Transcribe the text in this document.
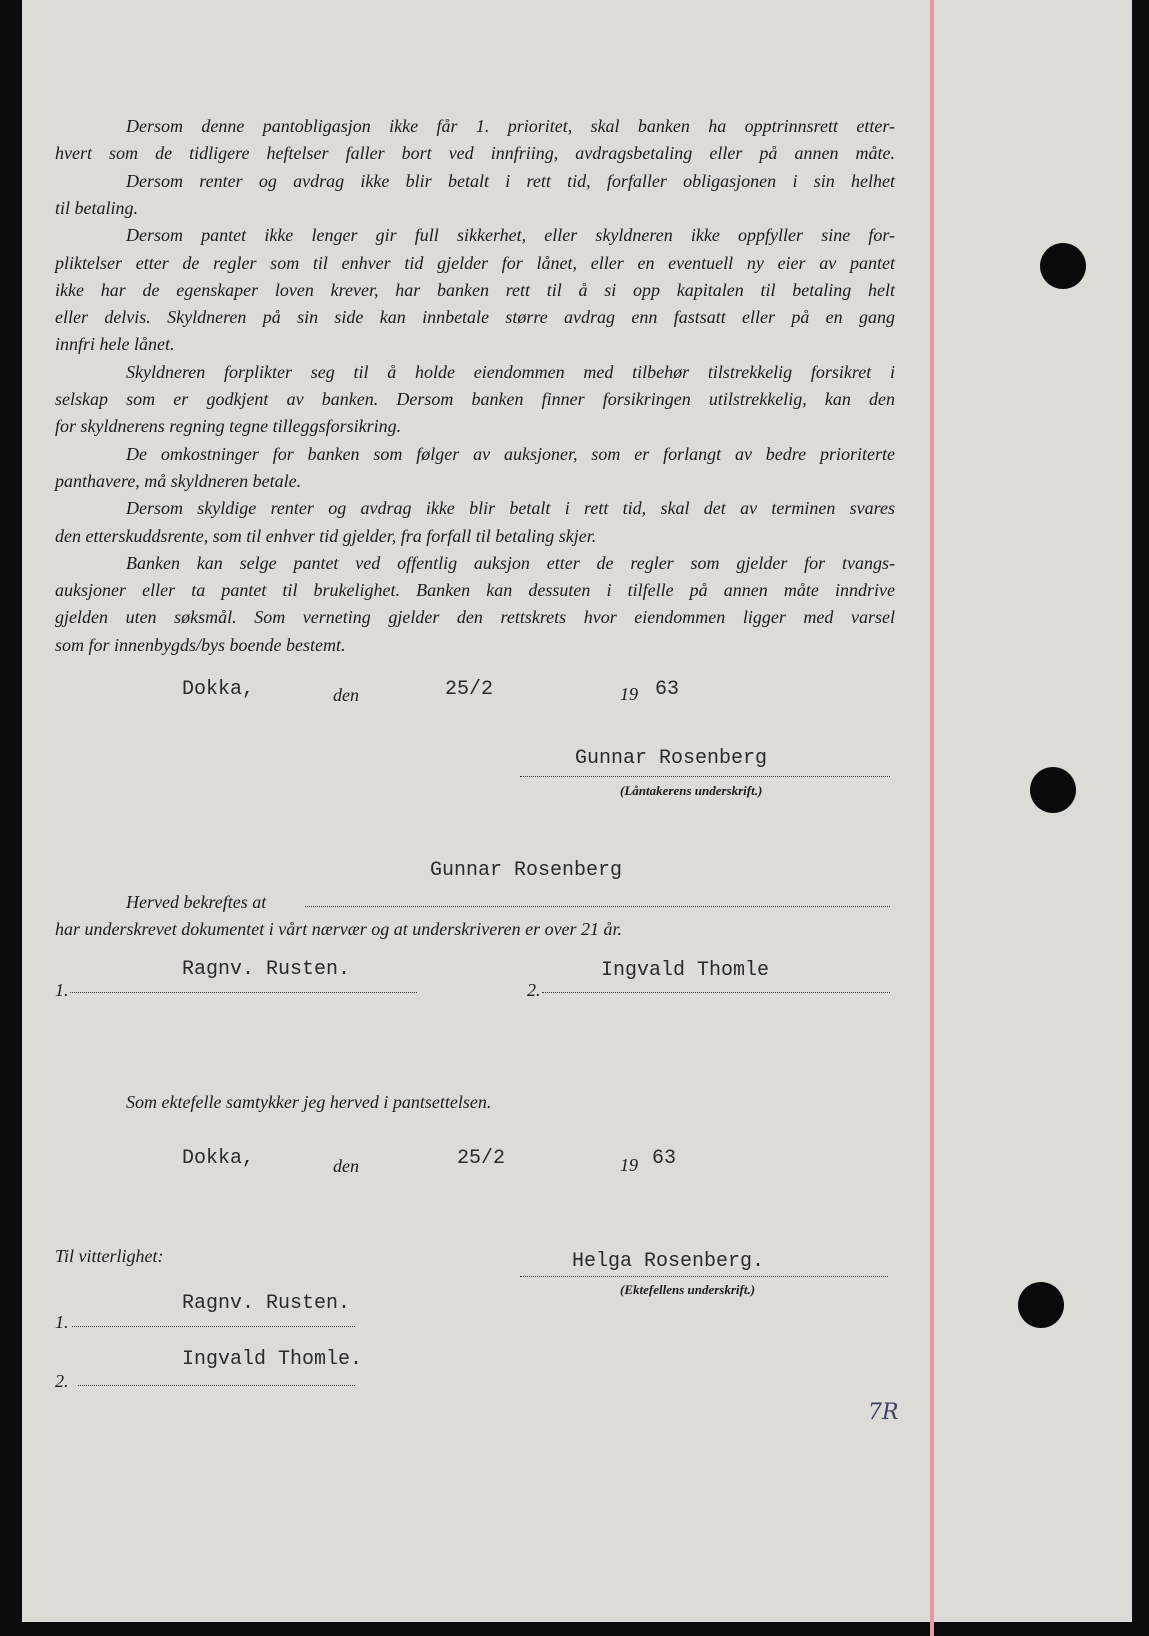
Dersom denne pantobligasjon ikke får 1. prioritet, skal banken ha opptrinnsrett etter-
hvert som de tidligere heftelser faller bort ved innfriing, avdragsbetaling eller på annen måte.
Dersom renter og avdrag ikke blir betalt i rett tid, forfaller obligasjonen i sin helhet
til betaling.
Dersom pantet ikke lenger gir full sikkerhet, eller skyldneren ikke oppfyller sine for-
pliktelser etter de regler som til enhver tid gjelder for lånet, eller en eventuell ny eier av pantet
ikke har de egenskaper loven krever, har banken rett til å si opp kapitalen til betaling helt
eller delvis. Skyldneren på sin side kan innbetale større avdrag enn fastsatt eller på en gang
innfri hele lånet.
Skyldneren forplikter seg til å holde eiendommen med tilbehør tilstrekkelig forsikret i
selskap som er godkjent av banken. Dersom banken finner forsikringen utilstrekkelig, kan den
for skyldnerens regning tegne tilleggsforsikring.
De omkostninger for banken som følger av auksjoner, som er forlangt av bedre prioriterte
panthavere, må skyldneren betale.
Dersom skyldige renter og avdrag ikke blir betalt i rett tid, skal det av terminen svares
den etterskuddsrente, som til enhver tid gjelder, fra forfall til betaling skjer.
Banken kan selge pantet ved offentlig auksjon etter de regler som gjelder for tvangs-
auksjoner eller ta pantet til brukelighet. Banken kan dessuten i tilfelle på annen måte inndrive
gjelden uten søksmål. Som verneting gjelder den rettskrets hvor eiendommen ligger med varsel
som for innenbygds/bys boende bestemt.
Dokka,	den	25/2	19 63
Gunnar Rosenberg
(Låntakerens underskrift.)
Gunnar Rosenberg
Herved bekreftes at
har underskrevet dokumentet i vårt nærvær og at underskriveren er over 21 år.
Ragnv. Rusten.
1.
Ingvald Thomle
2.
Som ektefelle samtykker jeg herved i pantsettelsen.
Dokka,	den	25/2	19 63
Til vitterlighet:	Helga Rosenberg.
(Ektefellens underskrift.)
Ragnv. Rusten.
1.
Ingvald Thomle.
2.
7R
